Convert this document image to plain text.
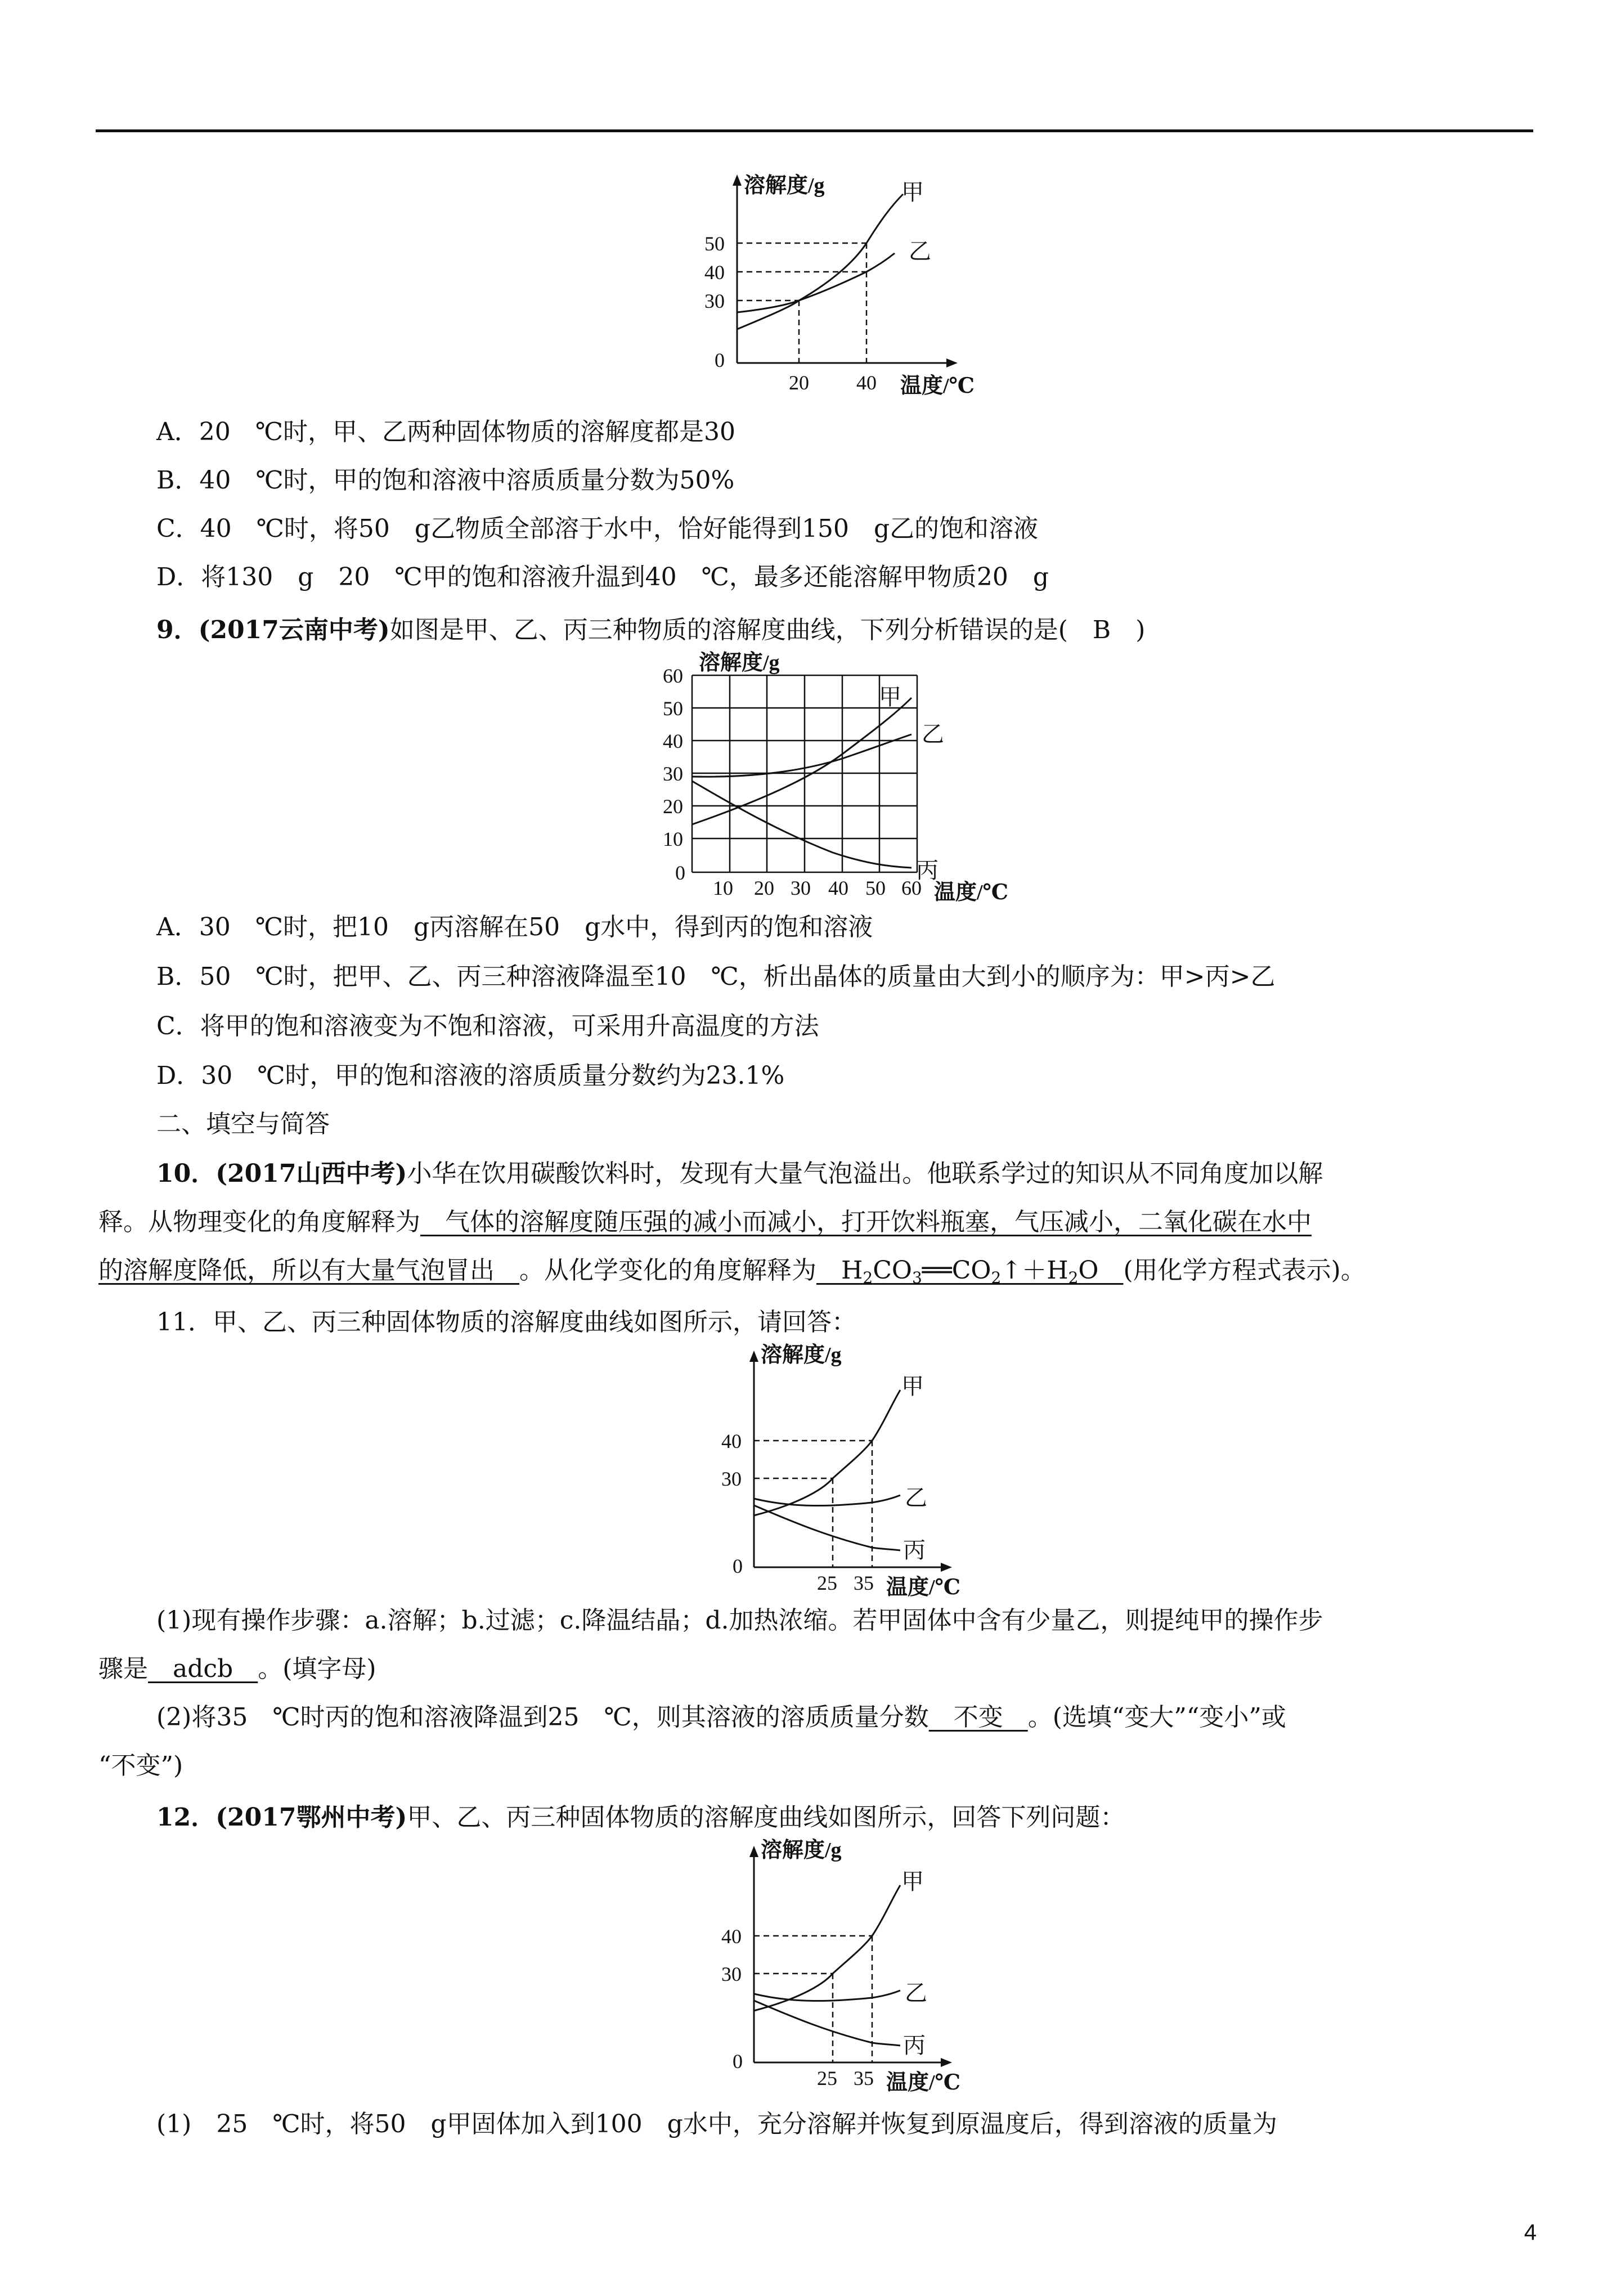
溶解度/g
50
40
30
0
20 40 温度/℃
甲
乙
A．20　℃时，甲、乙两种固体物质的溶解度都是30
B．40　℃时，甲的饱和溶液中溶质质量分数为50%
C．40　℃时，将50　g乙物质全部溶于水中，恰好能得到150　g乙的饱和溶液
D．将130　g　20　℃甲的饱和溶液升温到40　℃，最多还能溶解甲物质20　g
9．(2017云南中考)如图是甲、乙、丙三种物质的溶解度曲线，下列分析错误的是(　B　)
溶解度/g
60
50
40
30
20
10
0
10 20 30 40 50 60 温度/℃
甲
乙
丙
A．30　℃时，把10　g丙溶解在50　g水中，得到丙的饱和溶液
B．50　℃时，把甲、乙、丙三种溶液降温至10　℃，析出晶体的质量由大到小的顺序为：甲>丙>乙
C．将甲的饱和溶液变为不饱和溶液，可采用升高温度的方法
D．30　℃时，甲的饱和溶液的溶质质量分数约为23.1%
二、填空与简答
10．(2017山西中考)小华在饮用碳酸饮料时，发现有大量气泡溢出。他联系学过的知识从不同角度加以解
释。从物理变化的角度解释为　气体的溶解度随压强的减小而减小，打开饮料瓶塞，气压减小，二氧化碳在水中
的溶解度降低，所以有大量气泡冒出　。从化学变化的角度解释为　$H_2CO_3══CO_2↑+H_2O$　(用化学方程式表示)。
11．甲、乙、丙三种固体物质的溶解度曲线如图所示，请回答：
溶解度/g
40
30
0
25 35 温度/℃
甲
乙
丙
(1)现有操作步骤：a.溶解；b.过滤；c.降温结晶；d.加热浓缩。若甲固体中含有少量乙，则提纯甲的操作步
骤是　adcb　。(填字母)
(2)将35　℃时丙的饱和溶液降温到25　℃，则其溶液的溶质质量分数　不变　。(选填“变大”“变小”或
“不变”)
12．(2017鄂州中考)甲、乙、丙三种固体物质的溶解度曲线如图所示，回答下列问题：
溶解度/g
40
30
0
25 35 温度/℃
甲
乙
丙
(1)　25　℃时，将50　g甲固体加入到100　g水中，充分溶解并恢复到原温度后，得到溶液的质量为
4
